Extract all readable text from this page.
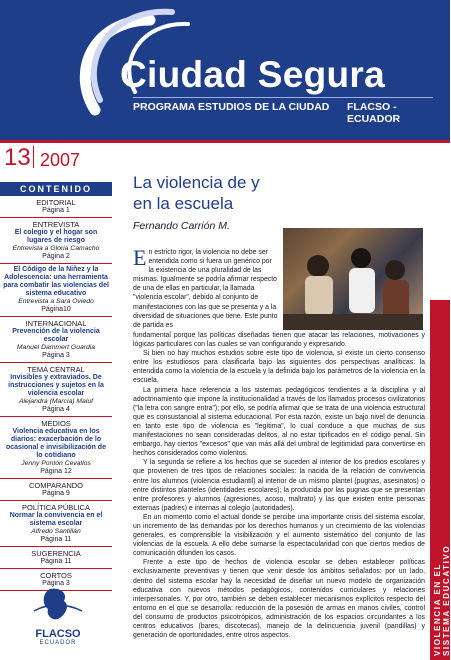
Ciudad Segura
PROGRAMA ESTUDIOS DE LA CIUDAD FLACSO - ECUADOR
13 2007
CONTENIDO
EDITORIAL
Página 1
ENTREVISTA
El colegio y el hogar son lugares de riesgo
Entrevista a Gloria Camacho
Página 2
El Código de la Niñez y la Adolescencia: una herramienta para combatir las violencias del sistema educativo
Entrevista a Sara Oviedo
Página10
INTERNACIONAL
Prevención de la violencia escolar
Manuel Dammert Guardia
Página 3
TEMA CENTRAL
Invisibles y extraviados. De instrucciones y sujetos en la violencia escolar
Alejandra (Marcia) Maluf
Página 4
MEDIOS
Violencia educativa en los diarios: exacerbación de lo ocasional e invisibilización de lo cotidiano
Jenny Pontón Cevallos
Página 12
COMPARANDO
Página 9
POLÍTICA PÚBLICA
Normar la convivencia en el sistema escolar
Alfredo Santillán
Página 11
SUGERENCIA
Página 11
CORTOS
Página 3
FLACSO
ECUADOR
La violencia de y en la escuela
Fernando Carrión M.
En estricto rigor, la violencia no debe ser entendida como si fuera un genérico por la existencia de una pluralidad de las mismas. Igualmente se podría afirmar respecto de una de ellas en particular, la llamada "violencia escolar", debido al conjunto de manifestaciones con las que se presenta y a la diversidad de situaciones que tiene. Este punto de partida es
fundamental porque las políticas diseñadas tienen que atacar las relaciones, motivaciones y lógicas particulares con las cuales se van configurando y expresando.

Si bien no hay muchos estudios sobre este tipo de violencia, sí existe un cierto consenso entre los estudiosos para clasificarla bajo las siguientes dos perspectivas analíticas: la entendida como la violencia de la escuela y la definida bajo los parámetros de la violencia en la escuela.

La primera hace referencia a los sistemas pedagógicos tendientes a la disciplina y al adoctrinamiento que impone la institucionalidad a través de los llamados procesos civilizatorios ("la letra con sangre entra"); por ello, se podría afirmar que se trata de una violencia estructural que es consustancial al sistema educacional. Por esta razón, existe un bajo nivel de denuncia en tanto este tipo de violencia es "legítima", lo cual conduce a que muchas de sus manifestaciones no sean consideradas delitos, al no estar tipificados en el código penal. Sin embargo, hay ciertos "excesos" que van más allá del umbral de legitimidad para convertirse en hechos considerados como violentos.

Y la segunda se refiere a los hechos que se suceden al interior de los predios escolares y que provienen de tres tipos de relaciones sociales: la nacida de la relación de convivencia entre los alumnos (violencia estudiantil) al interior de un mismo plantel (pugnas, asesinatos) o entre distintos planteles (identidades escolares); la producida por las pugnas que se presentan entre profesores y alumnos (agresiones, acoso, maltrato) y las que existen entre personas externas (padres) e internas al colegio (autoridades).

En un momento como el actual donde se percibe una importante crisis del sistema escolar, un incremento de las demandas por los derechos humanos y un crecimiento de las violencias generales, es comprensible la visibilización y el aumento sistemático del conjunto de las violencias de la escuela. A ello debe sumarse la espectacularidad con que ciertos medios de comunicación difunden los casos.

Frente a este tipo de hechos de violencia escolar se deben establecer políticas exclusivamente preventivas y tienen que venir desde los ámbitos señalados: por un lado, dentro del sistema escolar hay la necesidad de diseñar un nuevo modelo de organización educativa con nuevos métodos pedagógicos, contenidos curriculares y relaciones interpersonales. Y, por otro, también se deben establecer mecanismos explícitos respecto del entorno en el que se desarrolla: reducción de la posesión de armas en manos civiles, control del consumo de productos psicotrópicos, administración de los espacios circundantes a los centros educativos (bares, discotecas), manejo de la delincuencia juvenil (pandillas) y generación de oportunidades, entre otros aspectos.	VIOLENCIA EN EL SISTEMA EDUCATIVO
